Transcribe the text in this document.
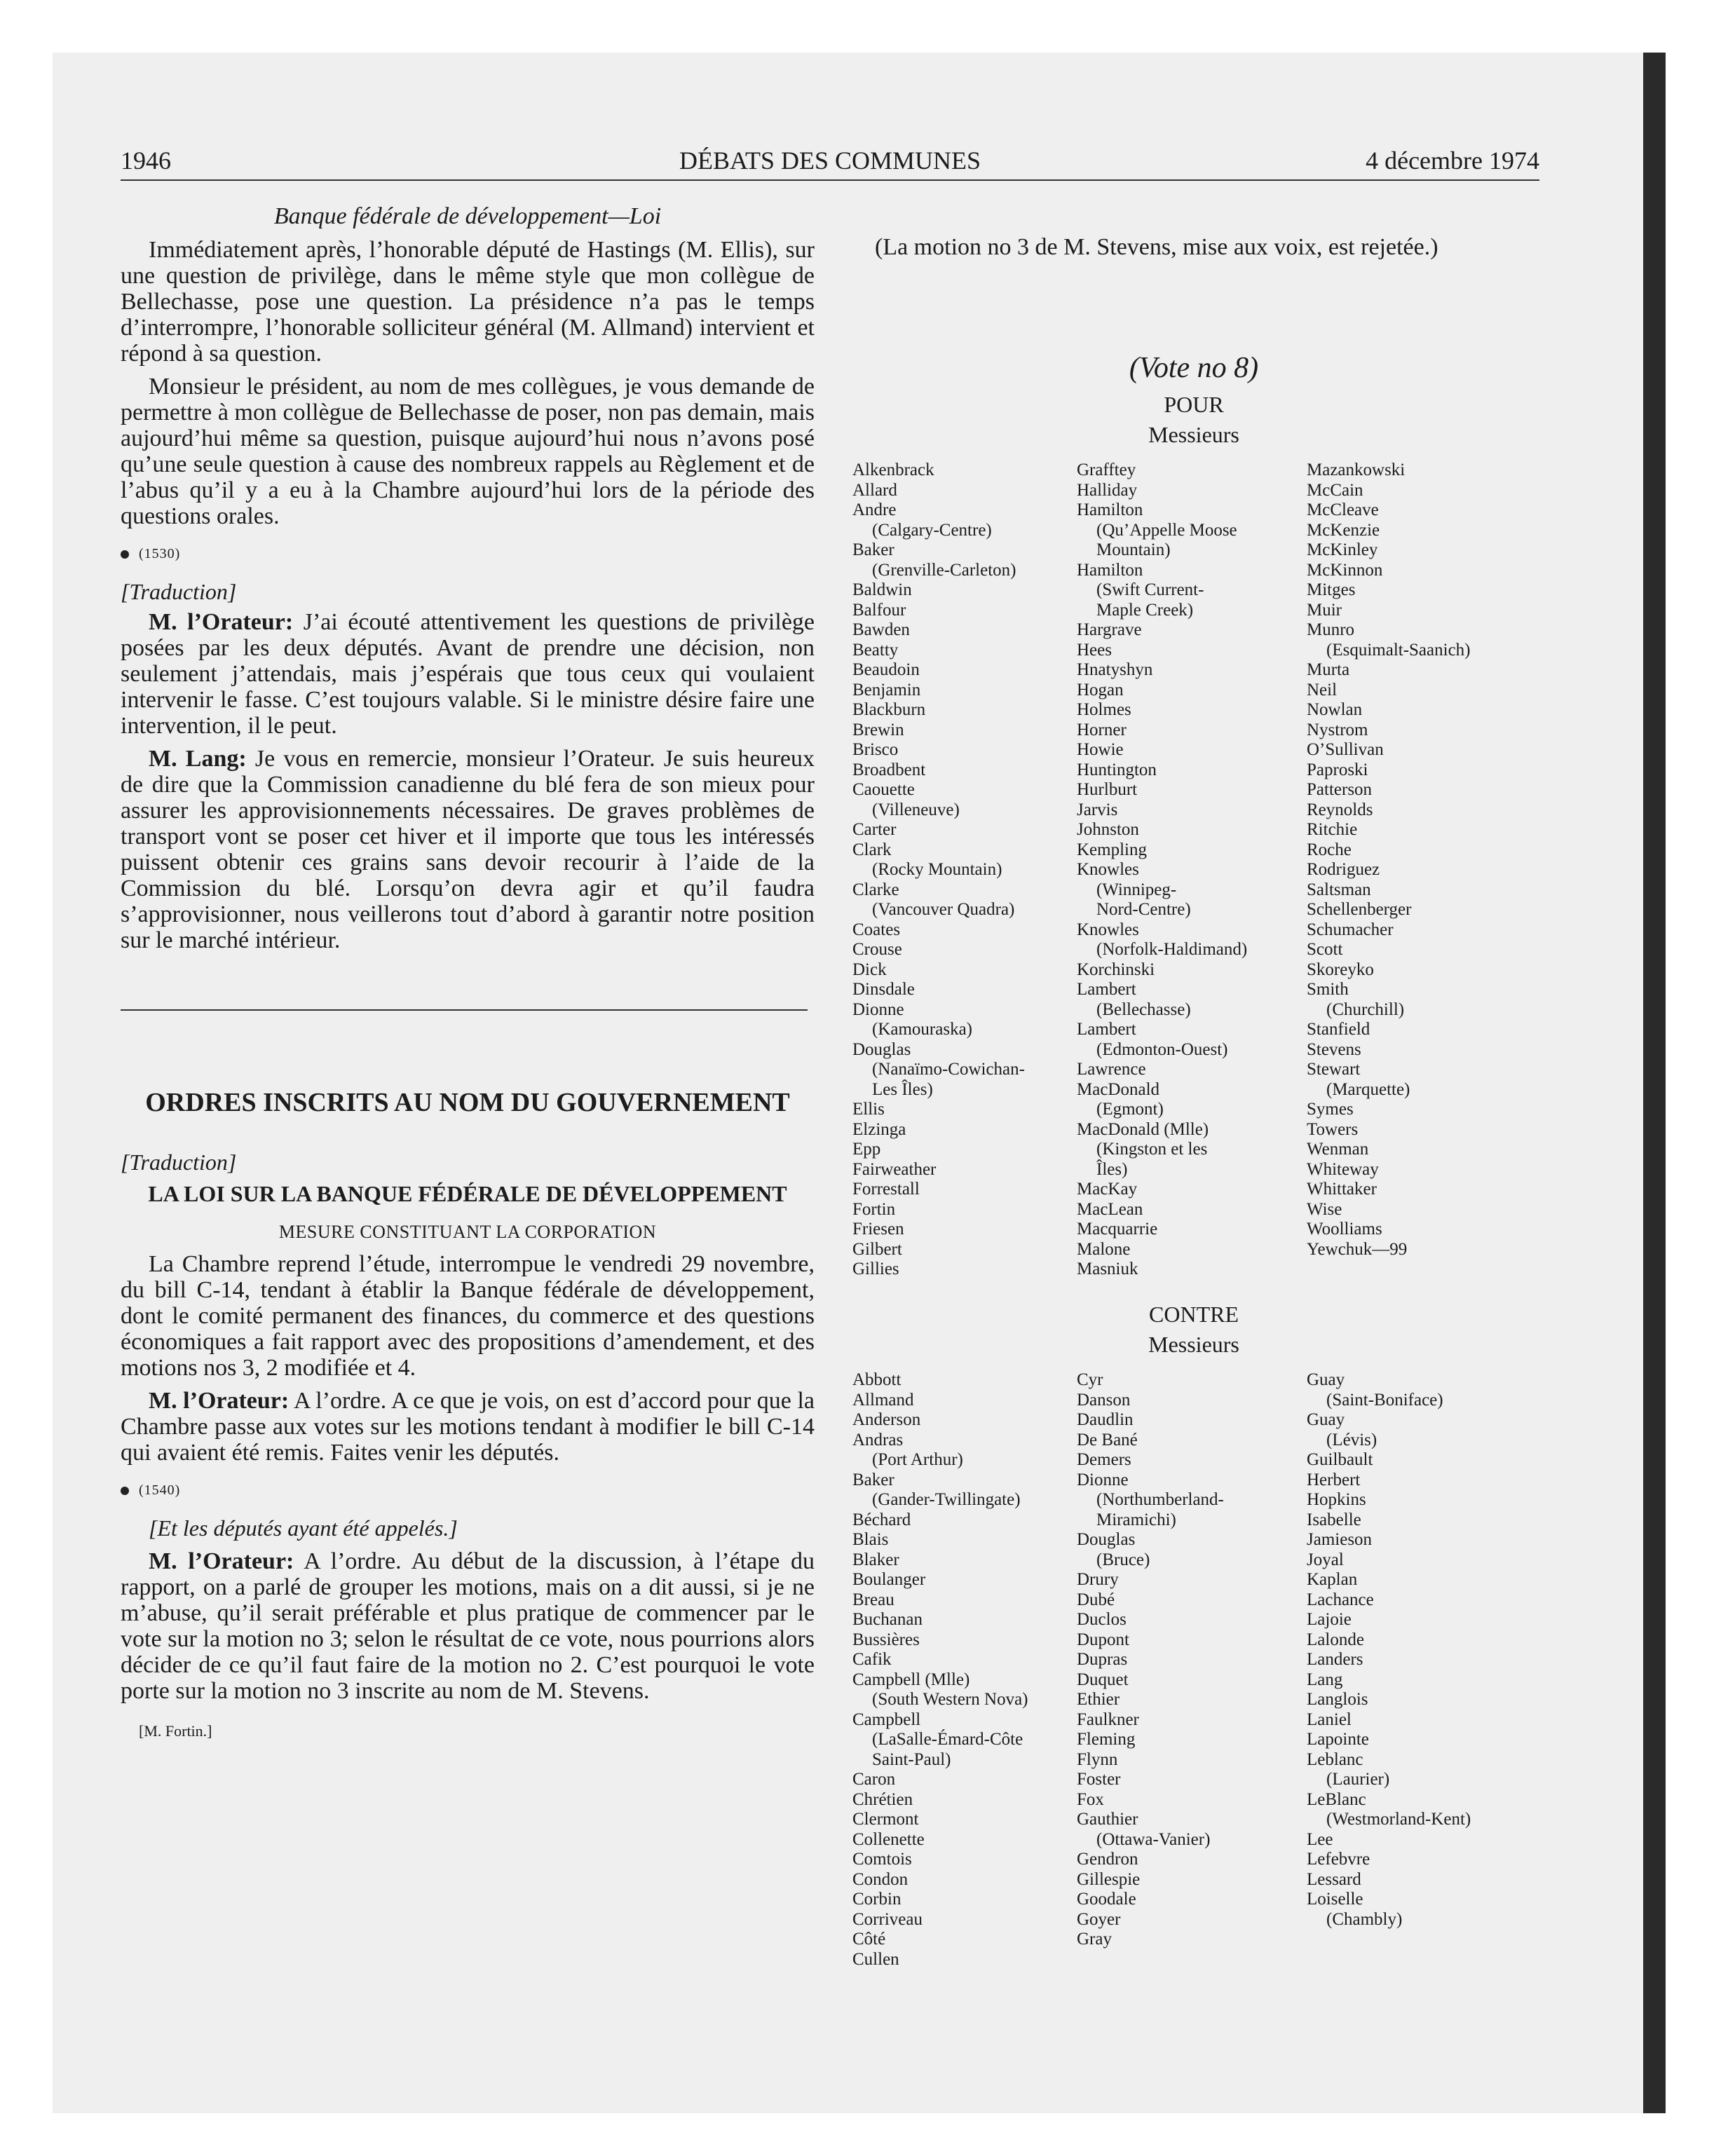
1946	DÉBATS DES COMMUNES	4 décembre 1974
Banque fédérale de développement—Loi

Immédiatement après, l’honorable député de Hastings (M. Ellis), sur une question de privilège, dans le même style que mon collègue de Bellechasse, pose une question. La présidence n’a pas le temps d’interrompre, l’honorable solliciteur général (M. Allmand) intervient et répond à sa question.

Monsieur le président, au nom de mes collègues, je vous demande de permettre à mon collègue de Bellechasse de poser, non pas demain, mais aujourd’hui même sa question, puisque aujourd’hui nous n’avons posé qu’une seule question à cause des nombreux rappels au Règlement et de l’abus qu’il y a eu à la Chambre aujourd’hui lors de la période des questions orales.

(1530)
[Traduction]

M. l’Orateur: J’ai écouté attentivement les questions de privilège posées par les deux députés. Avant de prendre une décision, non seulement j’attendais, mais j’espérais que tous ceux qui voulaient intervenir le fasse. C’est toujours valable. Si le ministre désire faire une intervention, il le peut.

M. Lang: Je vous en remercie, monsieur l’Orateur. Je suis heureux de dire que la Commission canadienne du blé fera de son mieux pour assurer les approvisionnements nécessaires. De graves problèmes de transport vont se poser cet hiver et il importe que tous les intéressés puissent obtenir ces grains sans devoir recourir à l’aide de la Commission du blé. Lorsqu’on devra agir et qu’il faudra s’approvisionner, nous veillerons tout d’abord à garantir notre position sur le marché intérieur.

ORDRES INSCRITS AU NOM DU GOUVERNEMENT
[Traduction]
LA LOI SUR LA BANQUE FÉDÉRALE DE DÉVELOPPEMENT
MESURE CONSTITUANT LA CORPORATION

La Chambre reprend l’étude, interrompue le vendredi 29 novembre, du bill C-14, tendant à établir la Banque fédérale de développement, dont le comité permanent des finances, du commerce et des questions économiques a fait rapport avec des propositions d’amendement, et des motions nos 3, 2 modifiée et 4.

M. l’Orateur: A l’ordre. A ce que je vois, on est d’accord pour que la Chambre passe aux votes sur les motions tendant à modifier le bill C-14 qui avaient été remis. Faites venir les députés.

(1540)
[Et les députés ayant été appelés.]

M. l’Orateur: A l’ordre. Au début de la discussion, à l’étape du rapport, on a parlé de grouper les motions, mais on a dit aussi, si je ne m’abuse, qu’il serait préférable et plus pratique de commencer par le vote sur la motion no 3; selon le résultat de ce vote, nous pourrions alors décider de ce qu’il faut faire de la motion no 2. C’est pourquoi le vote porte sur la motion no 3 inscrite au nom de M. Stevens.

[M. Fortin.]

(La motion no 3 de M. Stevens, mise aux voix, est rejetée.)

(Vote no 8)
POUR
Messieurs
Alkenbrack
Allard
Andre
(Calgary-Centre)
Baker
(Grenville-Carleton)
Baldwin
Balfour
Bawden
Beatty
Beaudoin
Benjamin
Blackburn
Brewin
Brisco
Broadbent
Caouette
(Villeneuve)
Carter
Clark
(Rocky Mountain)
Clarke
(Vancouver Quadra)
Coates
Crouse
Dick
Dinsdale
Dionne
(Kamouraska)
Douglas
(Nanaïmo-Cowichan-
Les Îles)
Ellis
Elzinga
Epp
Fairweather
Forrestall
Fortin
Friesen
Gilbert
Gillies
Grafftey
Halliday
Hamilton
(Qu’Appelle Moose
Mountain)
Hamilton
(Swift Current-
Maple Creek)
Hargrave
Hees
Hnatyshyn
Hogan
Holmes
Horner
Howie
Huntington
Hurlburt
Jarvis
Johnston
Kempling
Knowles
(Winnipeg-
Nord-Centre)
Knowles
(Norfolk-Haldimand)
Korchinski
Lambert
(Bellechasse)
Lambert
(Edmonton-Ouest)
Lawrence
MacDonald
(Egmont)
MacDonald (Mlle)
(Kingston et les
Îles)
MacKay
MacLean
Macquarrie
Malone
Masniuk
Mazankowski
McCain
McCleave
McKenzie
McKinley
McKinnon
Mitges
Muir
Munro
(Esquimalt-Saanich)
Murta
Neil
Nowlan
Nystrom
O’Sullivan
Paproski
Patterson
Reynolds
Ritchie
Roche
Rodriguez
Saltsman
Schellenberger
Schumacher
Scott
Skoreyko
Smith
(Churchill)
Stanfield
Stevens
Stewart
(Marquette)
Symes
Towers
Wenman
Whiteway
Whittaker
Wise
Woolliams
Yewchuk—99
CONTRE
Messieurs
Abbott
Allmand
Anderson
Andras
(Port Arthur)
Baker
(Gander-Twillingate)
Béchard
Blais
Blaker
Boulanger
Breau
Buchanan
Bussières
Cafik
Campbell (Mlle)
(South Western Nova)
Campbell
(LaSalle-Émard-Côte
Saint-Paul)
Caron
Chrétien
Clermont
Collenette
Comtois
Condon
Corbin
Corriveau
Côté
Cullen
Cyr
Danson
Daudlin
De Bané
Demers
Dionne
(Northumberland-
Miramichi)
Douglas
(Bruce)
Drury
Dubé
Duclos
Dupont
Dupras
Duquet
Ethier
Faulkner
Fleming
Flynn
Foster
Fox
Gauthier
(Ottawa-Vanier)
Gendron
Gillespie
Goodale
Goyer
Gray
Guay
(Saint-Boniface)
Guay
(Lévis)
Guilbault
Herbert
Hopkins
Isabelle
Jamieson
Joyal
Kaplan
Lachance
Lajoie
Lalonde
Landers
Lang
Langlois
Laniel
Lapointe
Leblanc
(Laurier)
LeBlanc
(Westmorland-Kent)
Lee
Lefebvre
Lessard
Loiselle
(Chambly)
